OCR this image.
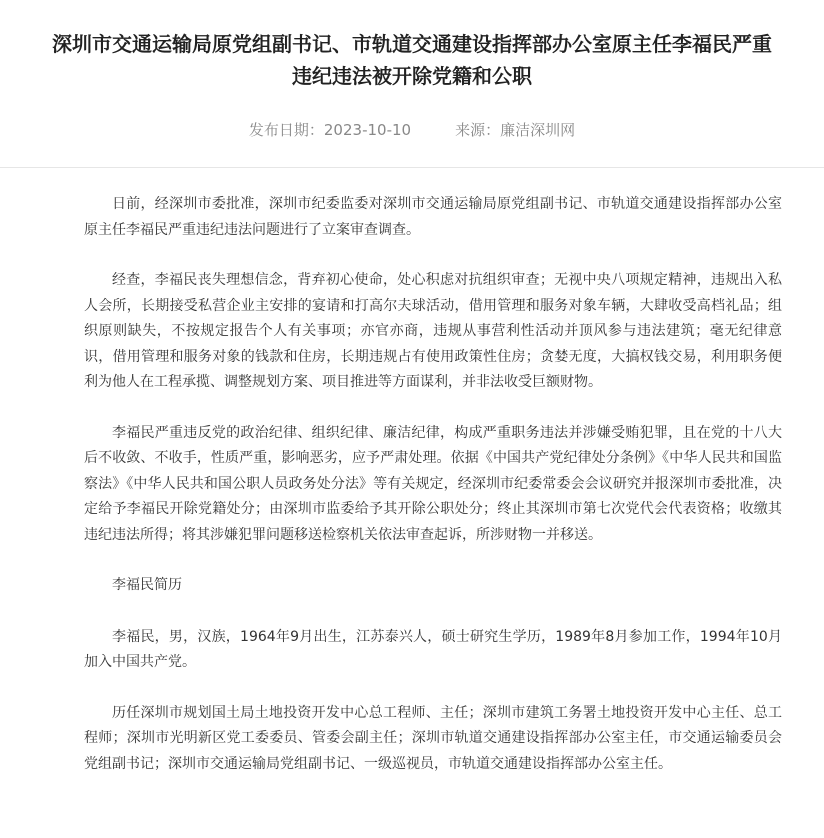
深圳市交通运输局原党组副书记、市轨道交通建设指挥部办公室原主任李福民严重违纪违法被开除党籍和公职
发布日期：2023-10-10	来源：廉洁深圳网

日前，经深圳市委批准，深圳市纪委监委对深圳市交通运输局原党组副书记、市轨道交通建设指挥部办公室原主任李福民严重违纪违法问题进行了立案审查调查。

经查，李福民丧失理想信念，背弃初心使命，处心积虑对抗组织审查；无视中央八项规定精神，违规出入私人会所，长期接受私营企业主安排的宴请和打高尔夫球活动，借用管理和服务对象车辆，大肆收受高档礼品；组织原则缺失，不按规定报告个人有关事项；亦官亦商，违规从事营利性活动并顶风参与违法建筑；毫无纪律意识，借用管理和服务对象的钱款和住房，长期违规占有使用政策性住房；贪婪无度，大搞权钱交易，利用职务便利为他人在工程承揽、调整规划方案、项目推进等方面谋利，并非法收受巨额财物。

李福民严重违反党的政治纪律、组织纪律、廉洁纪律，构成严重职务违法并涉嫌受贿犯罪，且在党的十八大后不收敛、不收手，性质严重，影响恶劣，应予严肃处理。依据《中国共产党纪律处分条例》《中华人民共和国监察法》《中华人民共和国公职人员政务处分法》等有关规定，经深圳市纪委常委会会议研究并报深圳市委批准，决定给予李福民开除党籍处分；由深圳市监委给予其开除公职处分；终止其深圳市第七次党代会代表资格；收缴其违纪违法所得；将其涉嫌犯罪问题移送检察机关依法审查起诉，所涉财物一并移送。

李福民简历

李福民，男，汉族，1964年9月出生，江苏泰兴人，硕士研究生学历，1989年8月参加工作，1994年10月加入中国共产党。

历任深圳市规划国土局土地投资开发中心总工程师、主任；深圳市建筑工务署土地投资开发中心主任、总工程师；深圳市光明新区党工委委员、管委会副主任；深圳市轨道交通建设指挥部办公室主任，市交通运输委员会党组副书记；深圳市交通运输局党组副书记、一级巡视员，市轨道交通建设指挥部办公室主任。
